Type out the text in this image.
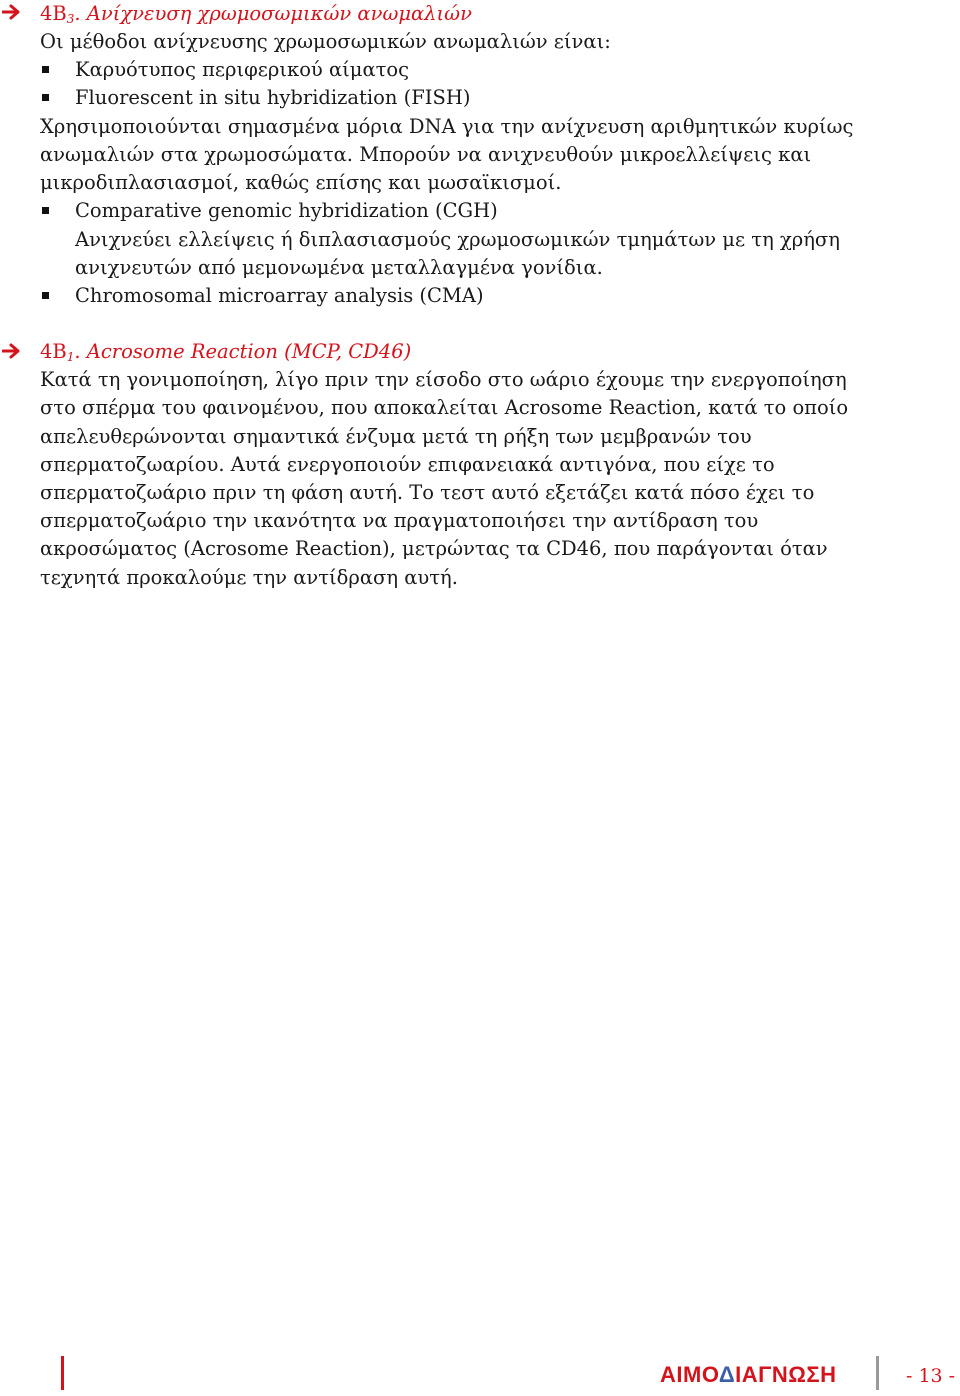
$4B_3$. Ανίχνευση χρωμοσωμικών ανωμαλιών
Οι μέθοδοι ανίχνευσης χρωμοσωμικών ανωμαλιών είναι:
Καρυότυπος περιφερικού αίματος
Fluorescent in situ hybridization (FISH)
Χρησιμοποιούνται σημασμένα μόρια DNA για την ανίχνευση αριθμητικών κυρίως
ανωμαλιών στα χρωμοσώματα. Μπορούν να ανιχνευθούν μικροελλείψεις και
μικροδιπλασιασμοί, καθώς επίσης και μωσαϊκισμοί.
Comparative genomic hybridization (CGH)
Ανιχνεύει ελλείψεις ή διπλασιασμούς χρωμοσωμικών τμημάτων με τη χρήση
ανιχνευτών από μεμονωμένα μεταλλαγμένα γονίδια.
Chromosomal microarray analysis (CMA)
$4B_1$. Acrosome Reaction (MCP, CD46)
Κατά τη γονιμοποίηση, λίγο πριν την είσοδο στο ωάριο έχουμε την ενεργοποίηση
στο σπέρμα του φαινομένου, που αποκαλείται Acrosome Reaction, κατά το οποίο
απελευθερώνονται σημαντικά ένζυμα μετά τη ρήξη των μεμβρανών του
σπερματοζωαρίου. Αυτά ενεργοποιούν επιφανειακά αντιγόνα, που είχε το
σπερματοζωάριο πριν τη φάση αυτή. Το τεστ αυτό εξετάζει κατά πόσο έχει το
σπερματοζωάριο την ικανότητα να πραγματοποιήσει την αντίδραση του
ακροσώματος (Acrosome Reaction), μετρώντας τα CD46, που παράγονται όταν
τεχνητά προκαλούμε την αντίδραση αυτή.
ΑΙΜΟΔΙΑΓΝΩΣΗ	- 13 -
